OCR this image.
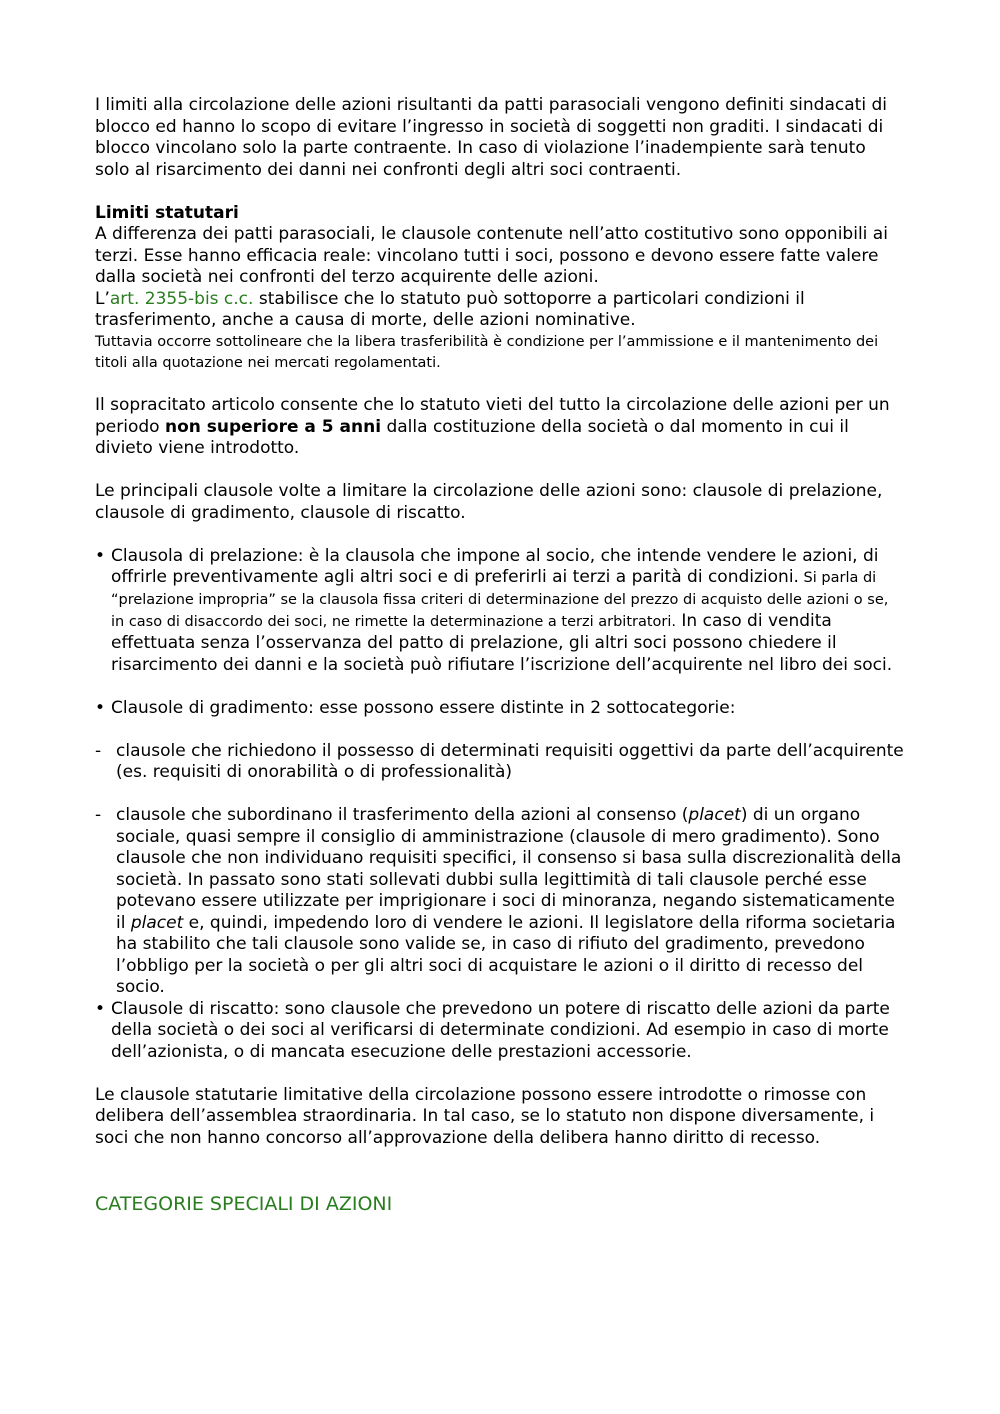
I limiti alla circolazione delle azioni risultanti da patti parasociali vengono definiti sindacati di blocco ed hanno lo scopo di evitare l’ingresso in società di soggetti non graditi. I sindacati di blocco vincolano solo la parte contraente. In caso di violazione l’inadempiente sarà tenuto solo al risarcimento dei danni nei confronti degli altri soci contraenti.

Limiti statutari

A differenza dei patti parasociali, le clausole contenute nell’atto costitutivo sono opponibili ai terzi. Esse hanno efficacia reale: vincolano tutti i soci, possono e devono essere fatte valere dalla società nei confronti del terzo acquirente delle azioni.

L’art. 2355-bis c.c. stabilisce che lo statuto può sottoporre a particolari condizioni il trasferimento, anche a causa di morte, delle azioni nominative.

Tuttavia occorre sottolineare che la libera trasferibilità è condizione per l’ammissione e il mantenimento dei titoli alla quotazione nei mercati regolamentati.

Il sopracitato articolo consente che lo statuto vieti del tutto la circolazione delle azioni per un periodo non superiore a 5 anni dalla costituzione della società o dal momento in cui il divieto viene introdotto.

Le principali clausole volte a limitare la circolazione delle azioni sono: clausole di prelazione, clausole di gradimento, clausole di riscatto.

• Clausola di prelazione: è la clausola che impone al socio, che intende vendere le azioni, di offrirle preventivamente agli altri soci e di preferirli ai terzi a parità di condizioni. Si parla di “prelazione impropria” se la clausola fissa criteri di determinazione del prezzo di acquisto delle azioni o se, in caso di disaccordo dei soci, ne rimette la determinazione a terzi arbitratori. In caso di vendita effettuata senza l’osservanza del patto di prelazione, gli altri soci possono chiedere il risarcimento dei danni e la società può rifiutare l’iscrizione dell’acquirente nel libro dei soci.

• Clausole di gradimento: esse possono essere distinte in 2 sottocategorie:

- clausole che richiedono il possesso di determinati requisiti oggettivi da parte dell’acquirente (es. requisiti di onorabilità o di professionalità)

- clausole che subordinano il trasferimento della azioni al consenso (placet) di un organo sociale, quasi sempre il consiglio di amministrazione (clausole di mero gradimento). Sono clausole che non individuano requisiti specifici, il consenso si basa sulla discrezionalità della società. In passato sono stati sollevati dubbi sulla legittimità di tali clausole perché esse potevano essere utilizzate per imprigionare i soci di minoranza, negando sistematicamente il placet e, quindi, impedendo loro di vendere le azioni. Il legislatore della riforma societaria ha stabilito che tali clausole sono valide se, in caso di rifiuto del gradimento, prevedono l’obbligo per la società o per gli altri soci di acquistare le azioni o il diritto di recesso del socio.

• Clausole di riscatto: sono clausole che prevedono un potere di riscatto delle azioni da parte della società o dei soci al verificarsi di determinate condizioni. Ad esempio in caso di morte dell’azionista, o di mancata esecuzione delle prestazioni accessorie.

Le clausole statutarie limitative della circolazione possono essere introdotte o rimosse con delibera dell’assemblea straordinaria. In tal caso, se lo statuto non dispone diversamente, i soci che non hanno concorso all’approvazione della delibera hanno diritto di recesso.

CATEGORIE SPECIALI DI AZIONI
